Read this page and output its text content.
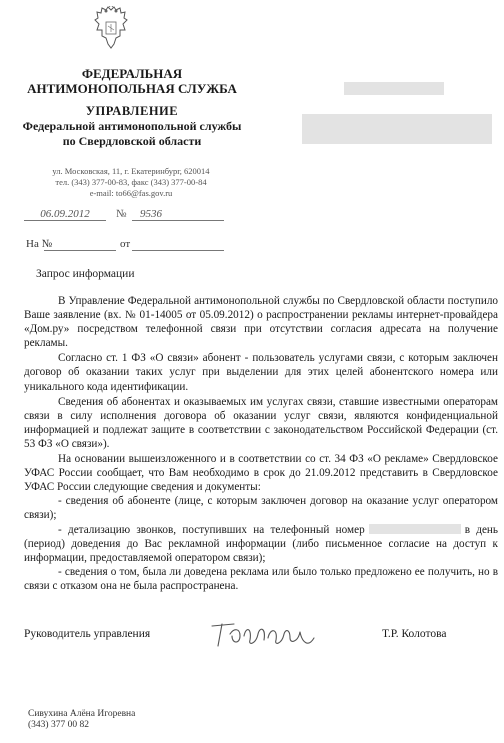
ФЕДЕРАЛЬНАЯ
АНТИМОНОПОЛЬНАЯ СЛУЖБА
УПРАВЛЕНИЕ
Федеральной антимонопольной службы
по Свердловской области
ул. Московская, 11, г. Екатеринбург, 620014
тел. (343) 377-00-83, факс (343) 377-00-84
e-mail: to66@fas.gov.ru
06.09.2012	№	9536
На №	от
Запрос информации

В Управление Федеральной антимонопольной службы по Свердловской области поступило Ваше заявление (вх. № 01-14005 от 05.09.2012) о распространении рекламы интернет-провайдера «Дом.ру» посредством телефонной связи при отсутствии согласия адресата на получение рекламы.

Согласно ст. 1 ФЗ «О связи» абонент - пользователь услугами связи, с которым заключен договор об оказании таких услуг при выделении для этих целей абонентского номера или уникального кода идентификации.

Сведения об абонентах и оказываемых им услугах связи, ставшие известными операторам связи в силу исполнения договора об оказании услуг связи, являются конфиденциальной информацией и подлежат защите в соответствии с законодательством Российской Федерации (ст. 53 ФЗ «О связи»).

На основании вышеизложенного и в соответствии со ст. 34 ФЗ «О рекламе» Свердловское УФАС России сообщает, что Вам необходимо в срок до 21.09.2012 представить в Свердловское УФАС России следующие сведения и документы:

- сведения об абоненте (лице, с которым заключен договор на оказание услуг оператором связи);

- детализацию звонков, поступивших на телефонный номер	в день (период) доведения до Вас рекламной информации (либо письменное согласие на доступ к информации, предоставляемой оператором связи);

- сведения о том, была ли доведена реклама или было только предложено ее получить, но в связи с отказом она не была распространена.

Руководитель управления	Т.Р. Колотова
Сивухина Алёна Игоревна
(343) 377 00 82
